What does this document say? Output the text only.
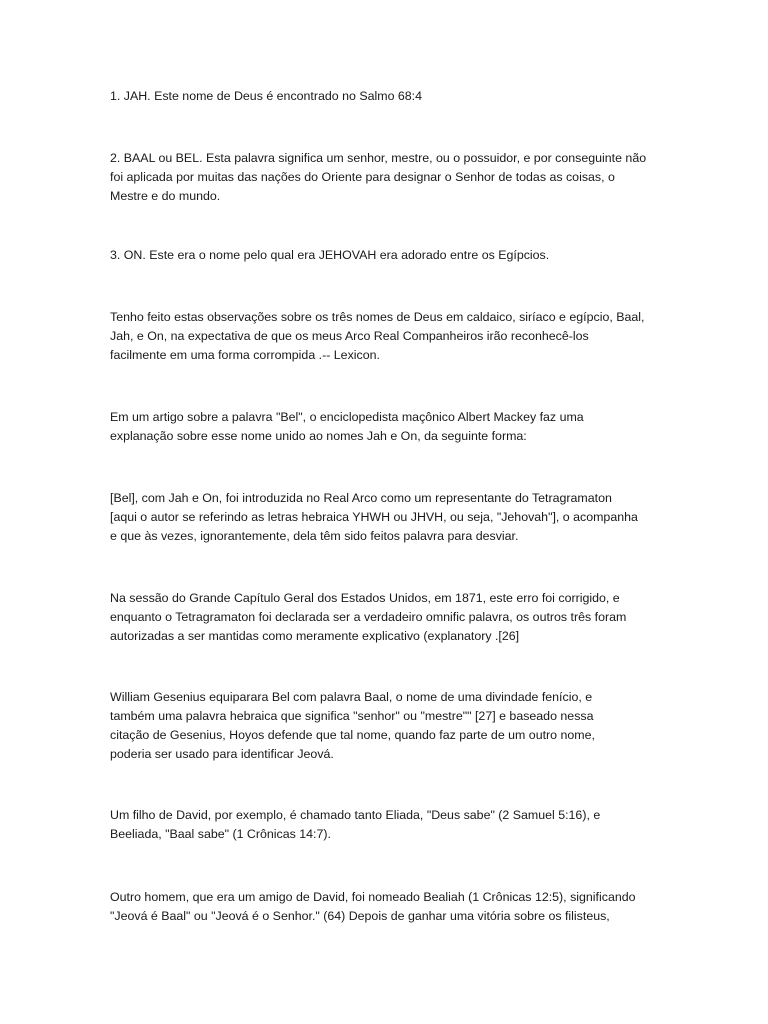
1. JAH. Este nome de Deus é encontrado no Salmo 68:4

2. BAAL ou BEL. Esta palavra significa um senhor, mestre, ou o possuidor, e por conseguinte não
foi aplicada por muitas das nações do Oriente para designar o Senhor de todas as coisas, o
Mestre e do mundo.

3. ON. Este era o nome pelo qual era JEHOVAH era adorado entre os Egípcios.

Tenho feito estas observações sobre os três nomes de Deus em caldaico, siríaco e egípcio, Baal,
Jah, e On, na expectativa de que os meus Arco Real Companheiros irão reconhecê-los
facilmente em uma forma corrompida .-- Lexicon.

Em um artigo sobre a palavra "Bel", o enciclopedista maçônico Albert Mackey faz uma
explanação sobre esse nome unido ao nomes Jah e On, da seguinte forma:

[Bel], com Jah e On, foi introduzida no Real Arco como um representante do Tetragramaton
[aqui o autor se referindo as letras hebraica YHWH ou JHVH, ou seja, "Jehovah"], o acompanha
e que às vezes, ignorantemente, dela têm sido feitos palavra para desviar.

Na sessão do Grande Capítulo Geral dos Estados Unidos, em 1871, este erro foi corrigido, e
enquanto o Tetragramaton foi declarada ser a verdadeiro omnific palavra, os outros três foram
autorizadas a ser mantidas como meramente explicativo (explanatory .[26]

William Gesenius equiparara Bel com palavra Baal, o nome de uma divindade fenício, e
também uma palavra hebraica que significa "senhor" ou "mestre"" [27] e baseado nessa
citação de Gesenius, Hoyos defende que tal nome, quando faz parte de um outro nome,
poderia ser usado para identificar Jeová.

Um filho de David, por exemplo, é chamado tanto Eliada, "Deus sabe" (2 Samuel 5:16), e
Beeliada, "Baal sabe" (1 Crônicas 14:7).

Outro homem, que era um amigo de David, foi nomeado Bealiah (1 Crônicas 12:5), significando
"Jeová é Baal" ou "Jeová é o Senhor." (64) Depois de ganhar uma vitória sobre os filisteus,
